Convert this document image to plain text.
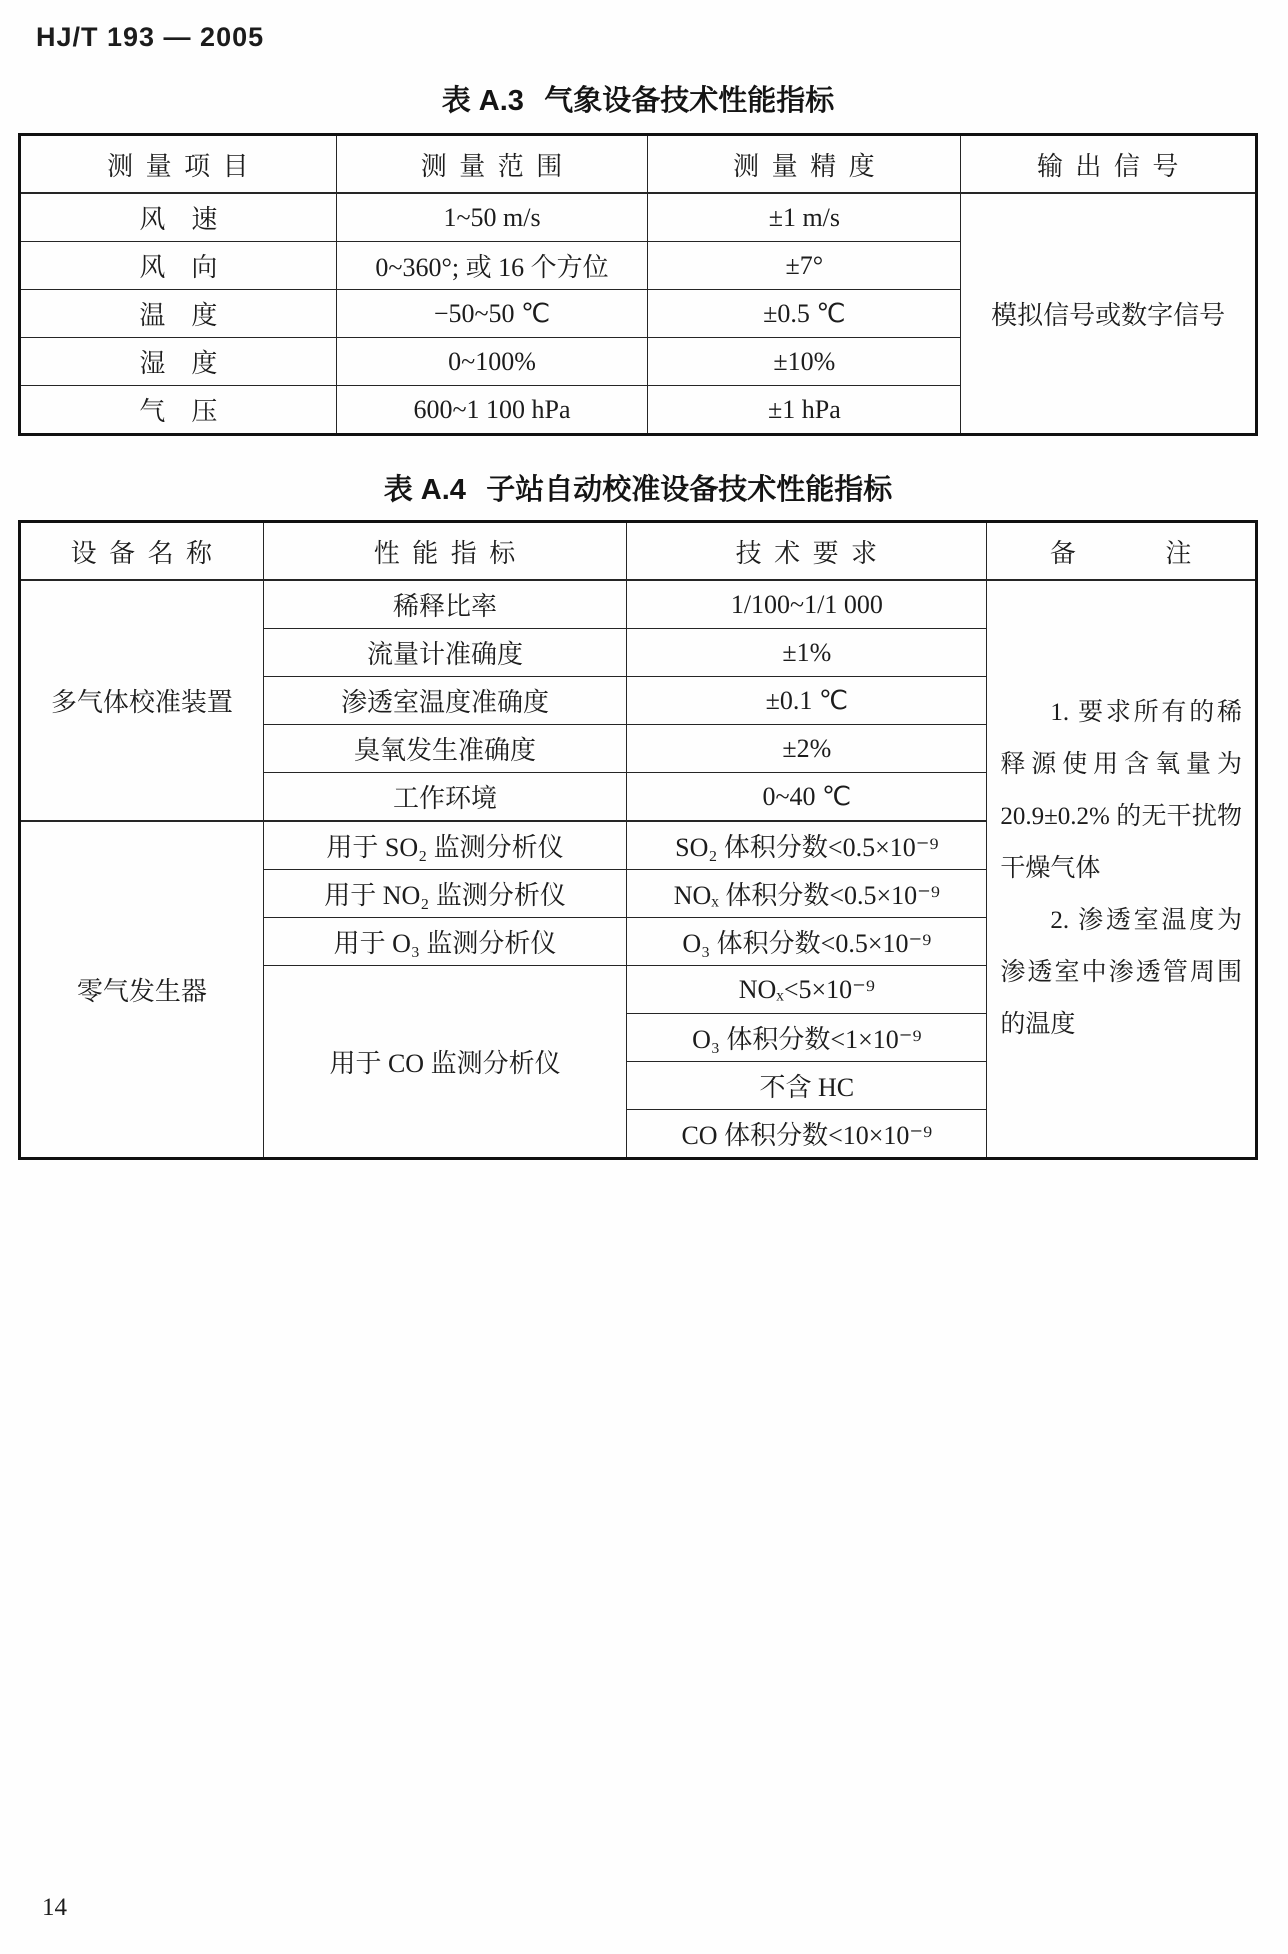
HJ/T 193 — 2005
表 A.3 气象设备技术性能指标
测量项目	测量范围	测量精度	输出信号
风　速	1~50 m/s	±1 m/s	模拟信号或数字信号
风　向	0~360°; 或 16 个方位	±7°	
温　度	−50~50 ℃	±0.5 ℃	
湿　度	0~100%	±10%	
气　压	600~1 100 hPa	±1 hPa	
表 A.4 子站自动校准设备技术性能指标
设备名称	性能指标	技术要求	备　　注
多气体校准装置	稀释比率	1/100~1/1 000	1. 要求所有的稀释源使用含氧量为 20.9±0.2% 的无干扰物干燥气体

2. 渗透室温度为渗透室中渗透管周围的温度

	流量计准确度	±1%	
	渗透室温度准确度	±0.1 ℃	
	臭氧发生准确度	±2%	
	工作环境	0~40 ℃	
零气发生器	用于 SO₂ 监测分析仪	SO₂ 体积分数<0.5×10⁻⁹	
	用于 NO₂ 监测分析仪	NOₓ 体积分数<0.5×10⁻⁹	
	用于 O₃ 监测分析仪	O₃ 体积分数<0.5×10⁻⁹	
	用于 CO 监测分析仪	NOₓ<5×10⁻⁹	
		O₃ 体积分数<1×10⁻⁹	
		不含 HC	
		CO 体积分数<10×10⁻⁹	
14
